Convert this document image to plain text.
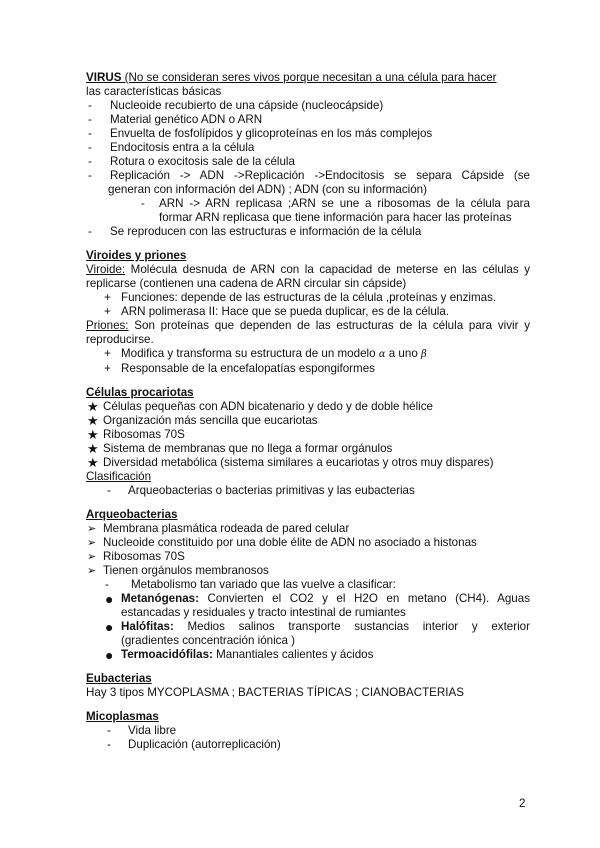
VIRUS (No se consideran seres vivos porque necesitan a una célula para hacer
las características básicas
-	Nucleoide recubierto de una cápside (nucleocápside)
-	Material genético ADN o ARN
-	Envuelta de fosfolípidos y glicoproteínas en los más complejos
-	Endocitosis entra a la célula
-	Rotura o exocitosis sale de la célula
-	Replicación -> ADN ->Replicación ->Endocitosis se separa Cápside (se
generan con información del ADN) ; ADN (con su información)
-	ARN -> ARN replicasa ;ARN se une a ribosomas de la célula para
formar ARN replicasa que tiene información para hacer las proteínas
-	Se reproducen con las estructuras e información de la célula
Viroides y priones
Viroide: Molécula desnuda de ARN con la capacidad de meterse en las células y
replicarse (contienen una cadena de ARN circular sin cápside)
+ Funciones: depende de las estructuras de la célula ,proteínas y enzimas.
+ ARN polimerasa II: Hace que se pueda duplicar, es de la célula.
Priones: Son proteínas que dependen de las estructuras de la célula para vivir y
reproducirse.
+ Modifica y transforma su estructura de un modelo α a uno β
+ Responsable de la encefalopatías espongiformes
Células procariotas
★ Células pequeñas con ADN bicatenario y dedo y de doble hélice
★ Organización más sencilla que eucariotas
★ Ribosomas 70S
★ Sistema de membranas que no llega a formar orgánulos
★ Diversidad metabólica (sistema similares a eucariotas y otros muy dispares)
Clasificación
-	Arqueobacterias o bacterias primitivas y las eubacterias
Arqueobacterias
➢ Membrana plasmática rodeada de pared celular
➢ Nucleoide constituido por una doble élite de ADN no asociado a histonas
➢ Ribosomas 70S
➢ Tienen orgánulos membranosos
-	Metabolismo tan variado que las vuelve a clasificar:
● Metanógenas: Convierten el CO2 y el H2O en metano (CH4). Aguas
estancadas y residuales y tracto intestinal de rumiantes
● Halófitas: Medios salinos transporte sustancias interior y exterior
(gradientes concentración iónica )
● Termoacidófilas: Manantiales calientes y ácidos
Eubacterias
Hay 3 tipos MYCOPLASMA ; BACTERIAS TÍPICAS ; CIANOBACTERIAS
Micoplasmas
-	Vida libre
-	Duplicación (autorreplicación)
2
